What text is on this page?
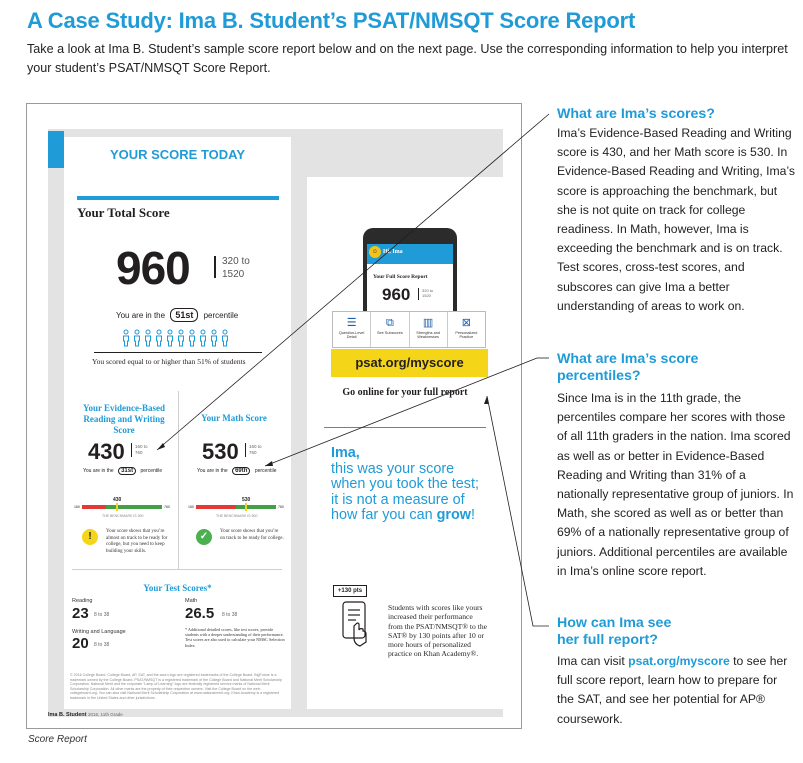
A Case Study: Ima B. Student’s PSAT/NMSQT Score Report
Take a look at Ima B. Student’s sample score report below and on the next page. Use the corresponding information to help you interpret your student’s PSAT/NMSQT Score Report.
YOUR SCORE TODAY
Your Total Score
960	320 to 1520
You are in the 51st percentile
You scored equal to or higher than 51% of students
Your Evidence-Based Reading and Writing Score
430 160 to 760
You are in the 31st percentile
430
160	760
THE BENCHMARK IS 390
!	Your score shows that you’re almost on track to be ready for college, but you need to keep building your skills.
Your Math Score
530 160 to 760
You are in the 69th percentile
530
160	760
THE BENCHMARK IS 500
✓	Your score shows that you’re on track to be ready for college.
Your Test Scores*
Reading
23 8 to 38
Writing and Language
20 8 to 38
Math
26.5 8 to 38
* Additional detailed scores, like test scores, provide students with a deeper understanding of their performance. Test scores are also used to calculate your NMSC Selection Index.
© 2016 College Board. College Board, AP, SAT, and the acorn logo are registered trademarks of the College Board. BigFuture is a trademark owned by the College Board. PSAT/NMSQT is a registered trademark of the College Board and National Merit Scholarship Corporation. National Merit and the corporate "Lamp of Learning" logo are federally registered service marks of National Merit Scholarship Corporation. All other marks are the property of their respective owners. Visit the College Board on the web: collegeboard.org. You can also visit National Merit Scholarship Corporation at www.nationalmerit.org. Khan Academy is a registered trademark in the United States and other jurisdictions.
Ima B. Student 2016, 11th Grade
☺ Hi, Ima
Your Full Score Report
960	320 to 1520
☰
Question-Level Detail
⧉
See Subscores
▥
Strengths and Weaknesses
⊠
Personalized Practice
psat.org/myscore
Go online for your full report
Ima,
this was your score when you took the test; it is not a measure of how far you can grow!
+130 pts
Students with scores like yours increased their performance from the PSAT/NMSQT® to the SAT® by 130 points after 10 or more hours of personalized practice on Khan Academy®.
What are Ima’s scores?
Ima’s Evidence-Based Reading and Writing score is 430, and her Math score is 530. In Evidence-Based Reading and Writing, Ima’s score is approaching the benchmark, but she is not quite on track for college readiness. In Math, however, Ima is exceeding the benchmark and is on track. Test scores, cross-test scores, and subscores can give Ima a better understanding of areas to work on.
What are Ima’s score
percentiles?
Since Ima is in the 11th grade, the percentiles compare her scores with those of all 11th graders in the nation. Ima scored as well as or better in Evidence-Based Reading and Writing than 31% of a nationally representative group of juniors. In Math, she scored as well as or better than 69% of a nationally representative group of juniors. Additional percentiles are available in Ima’s online score report.
How can Ima see
her full report?
Ima can visit psat.org/myscore to see her full score report, learn how to prepare for the SAT, and see her potential for AP® coursework.
Score Report
